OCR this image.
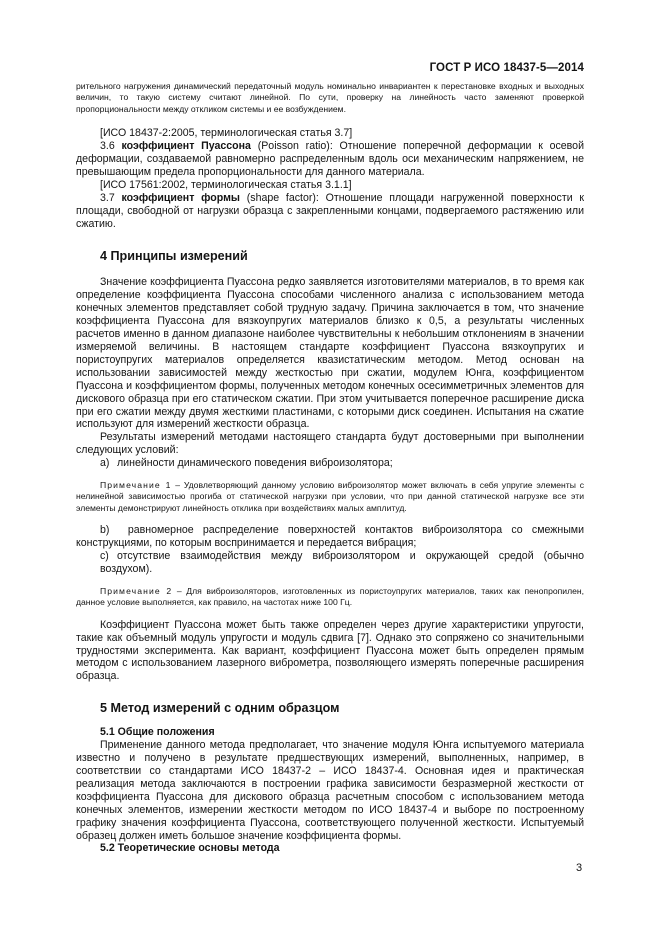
ГОСТ Р ИСО 18437-5—2014

рительного нагружения динамический передаточный модуль номинально инвариантен к перестановке входных и выходных величин, то такую систему считают линейной. По сути, проверку на линейность часто заменяют проверкой пропорциональности между откликом системы и ее возбуждением.

[ИСО 18437-2:2005, терминологическая статья 3.7]

3.6 коэффициент Пуассона (Poisson ratio): Отношение поперечной деформации к осевой деформации, создаваемой равномерно распределенным вдоль оси механическим напряжением, не превышающим предела пропорциональности для данного материала.

[ИСО 17561:2002, терминологическая статья 3.1.1]

3.7 коэффициент формы (shape factor): Отношение площади нагруженной поверхности к площади, свободной от нагрузки образца с закрепленными концами, подвергаемого растяжению или сжатию.

4 Принципы измерений

Значение коэффициента Пуассона редко заявляется изготовителями материалов, в то время как определение коэффициента Пуассона способами численного анализа с использованием метода конечных элементов представляет собой трудную задачу. Причина заключается в том, что значение коэффициента Пуассона для вязкоупругих материалов близко к 0,5, а результаты численных расчетов именно в данном диапазоне наиболее чувствительны к небольшим отклонениям в значении измеряемой величины. В настоящем стандарте коэффициент Пуассона вязкоупругих и пористоупругих материалов определяется квазистатическим методом. Метод основан на использовании зависимостей между жесткостью при сжатии, модулем Юнга, коэффициентом Пуассона и коэффициентом формы, полученных методом конечных осесимметричных элементов для дискового образца при его статическом сжатии. При этом учитывается поперечное расширение диска при его сжатии между двумя жесткими пластинами, с которыми диск соединен. Испытания на сжатие используют для измерений жесткости образца.

Результаты измерений методами настоящего стандарта будут достоверными при выполнении следующих условий:

a) линейности динамического поведения виброизолятора;

Примечание 1 – Удовлетворяющий данному условию виброизолятор может включать в себя упругие элементы с нелинейной зависимостью прогиба от статической нагрузки при условии, что при данной статической нагрузке все эти элементы демонстрируют линейность отклика при воздействиях малых амплитуд.

b) равномерное распределение поверхностей контактов виброизолятора со смежными конструкциями, по которым воспринимается и передается вибрация;

c) отсутствие взаимодействия между виброизолятором и окружающей средой (обычно воздухом).

Примечание 2 – Для виброизоляторов, изготовленных из пористоупругих материалов, таких как пенопропилен, данное условие выполняется, как правило, на частотах ниже 100 Гц.

Коэффициент Пуассона может быть также определен через другие характеристики упругости, такие как объемный модуль упругости и модуль сдвига [7]. Однако это сопряжено со значительными трудностями эксперимента. Как вариант, коэффициент Пуассона может быть определен прямым методом с использованием лазерного виброметра, позволяющего измерять поперечные расширения образца.

5 Метод измерений с одним образцом
5.1 Общие положения

Применение данного метода предполагает, что значение модуля Юнга испытуемого материала известно и получено в результате предшествующих измерений, выполненных, например, в соответствии со стандартами ИСО 18437-2 – ИСО 18437-4. Основная идея и практическая реализация метода заключаются в построении графика зависимости безразмерной жесткости от коэффициента Пуассона для дискового образца расчетным способом с использованием метода конечных элементов, измерении жесткости методом по ИСО 18437-4 и выборе по построенному графику значения коэффициента Пуассона, соответствующего полученной жесткости. Испытуемый образец должен иметь большое значение коэффициента формы.

5.2 Теоретические основы метода
3
